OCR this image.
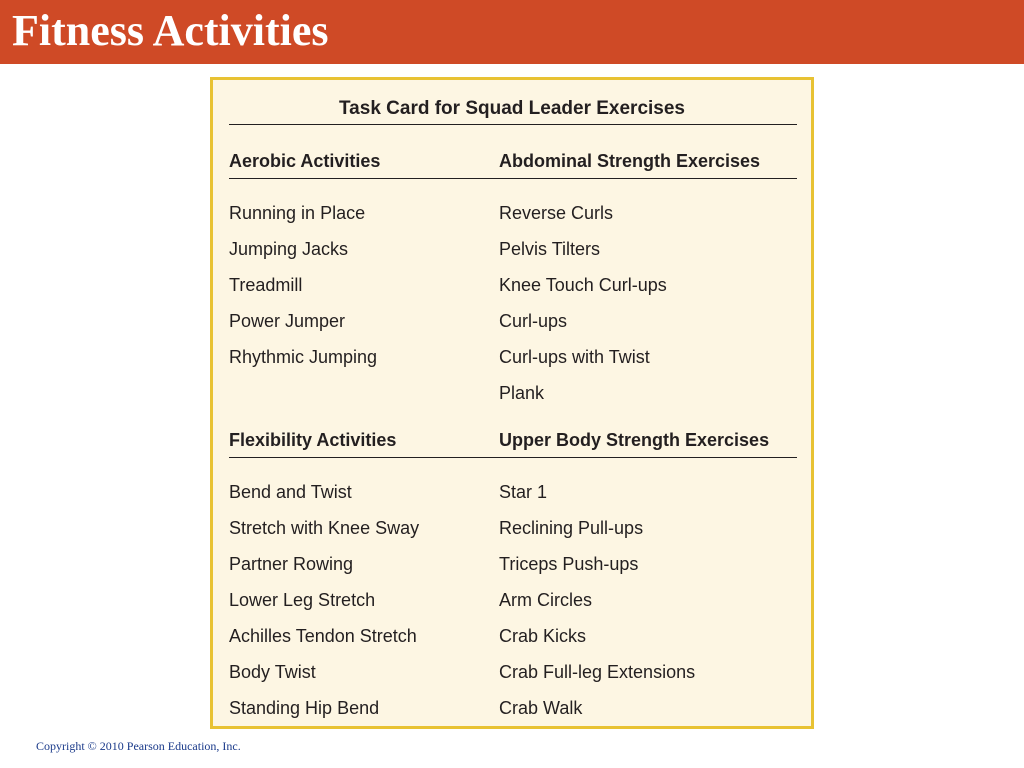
Fitness Activities
Task Card for Squad Leader Exercises
Aerobic Activities
Running in Place
Jumping Jacks
Treadmill
Power Jumper
Rhythmic Jumping
Abdominal Strength Exercises
Reverse Curls
Pelvis Tilters
Knee Touch Curl-ups
Curl-ups
Curl-ups with Twist
Plank
Flexibility Activities
Bend and Twist
Stretch with Knee Sway
Partner Rowing
Lower Leg Stretch
Achilles Tendon Stretch
Body Twist
Standing Hip Bend
Upper Body Strength Exercises
Star 1
Reclining Pull-ups
Triceps Push-ups
Arm Circles
Crab Kicks
Crab Full-leg Extensions
Crab Walk
Copyright © 2010 Pearson Education, Inc.
